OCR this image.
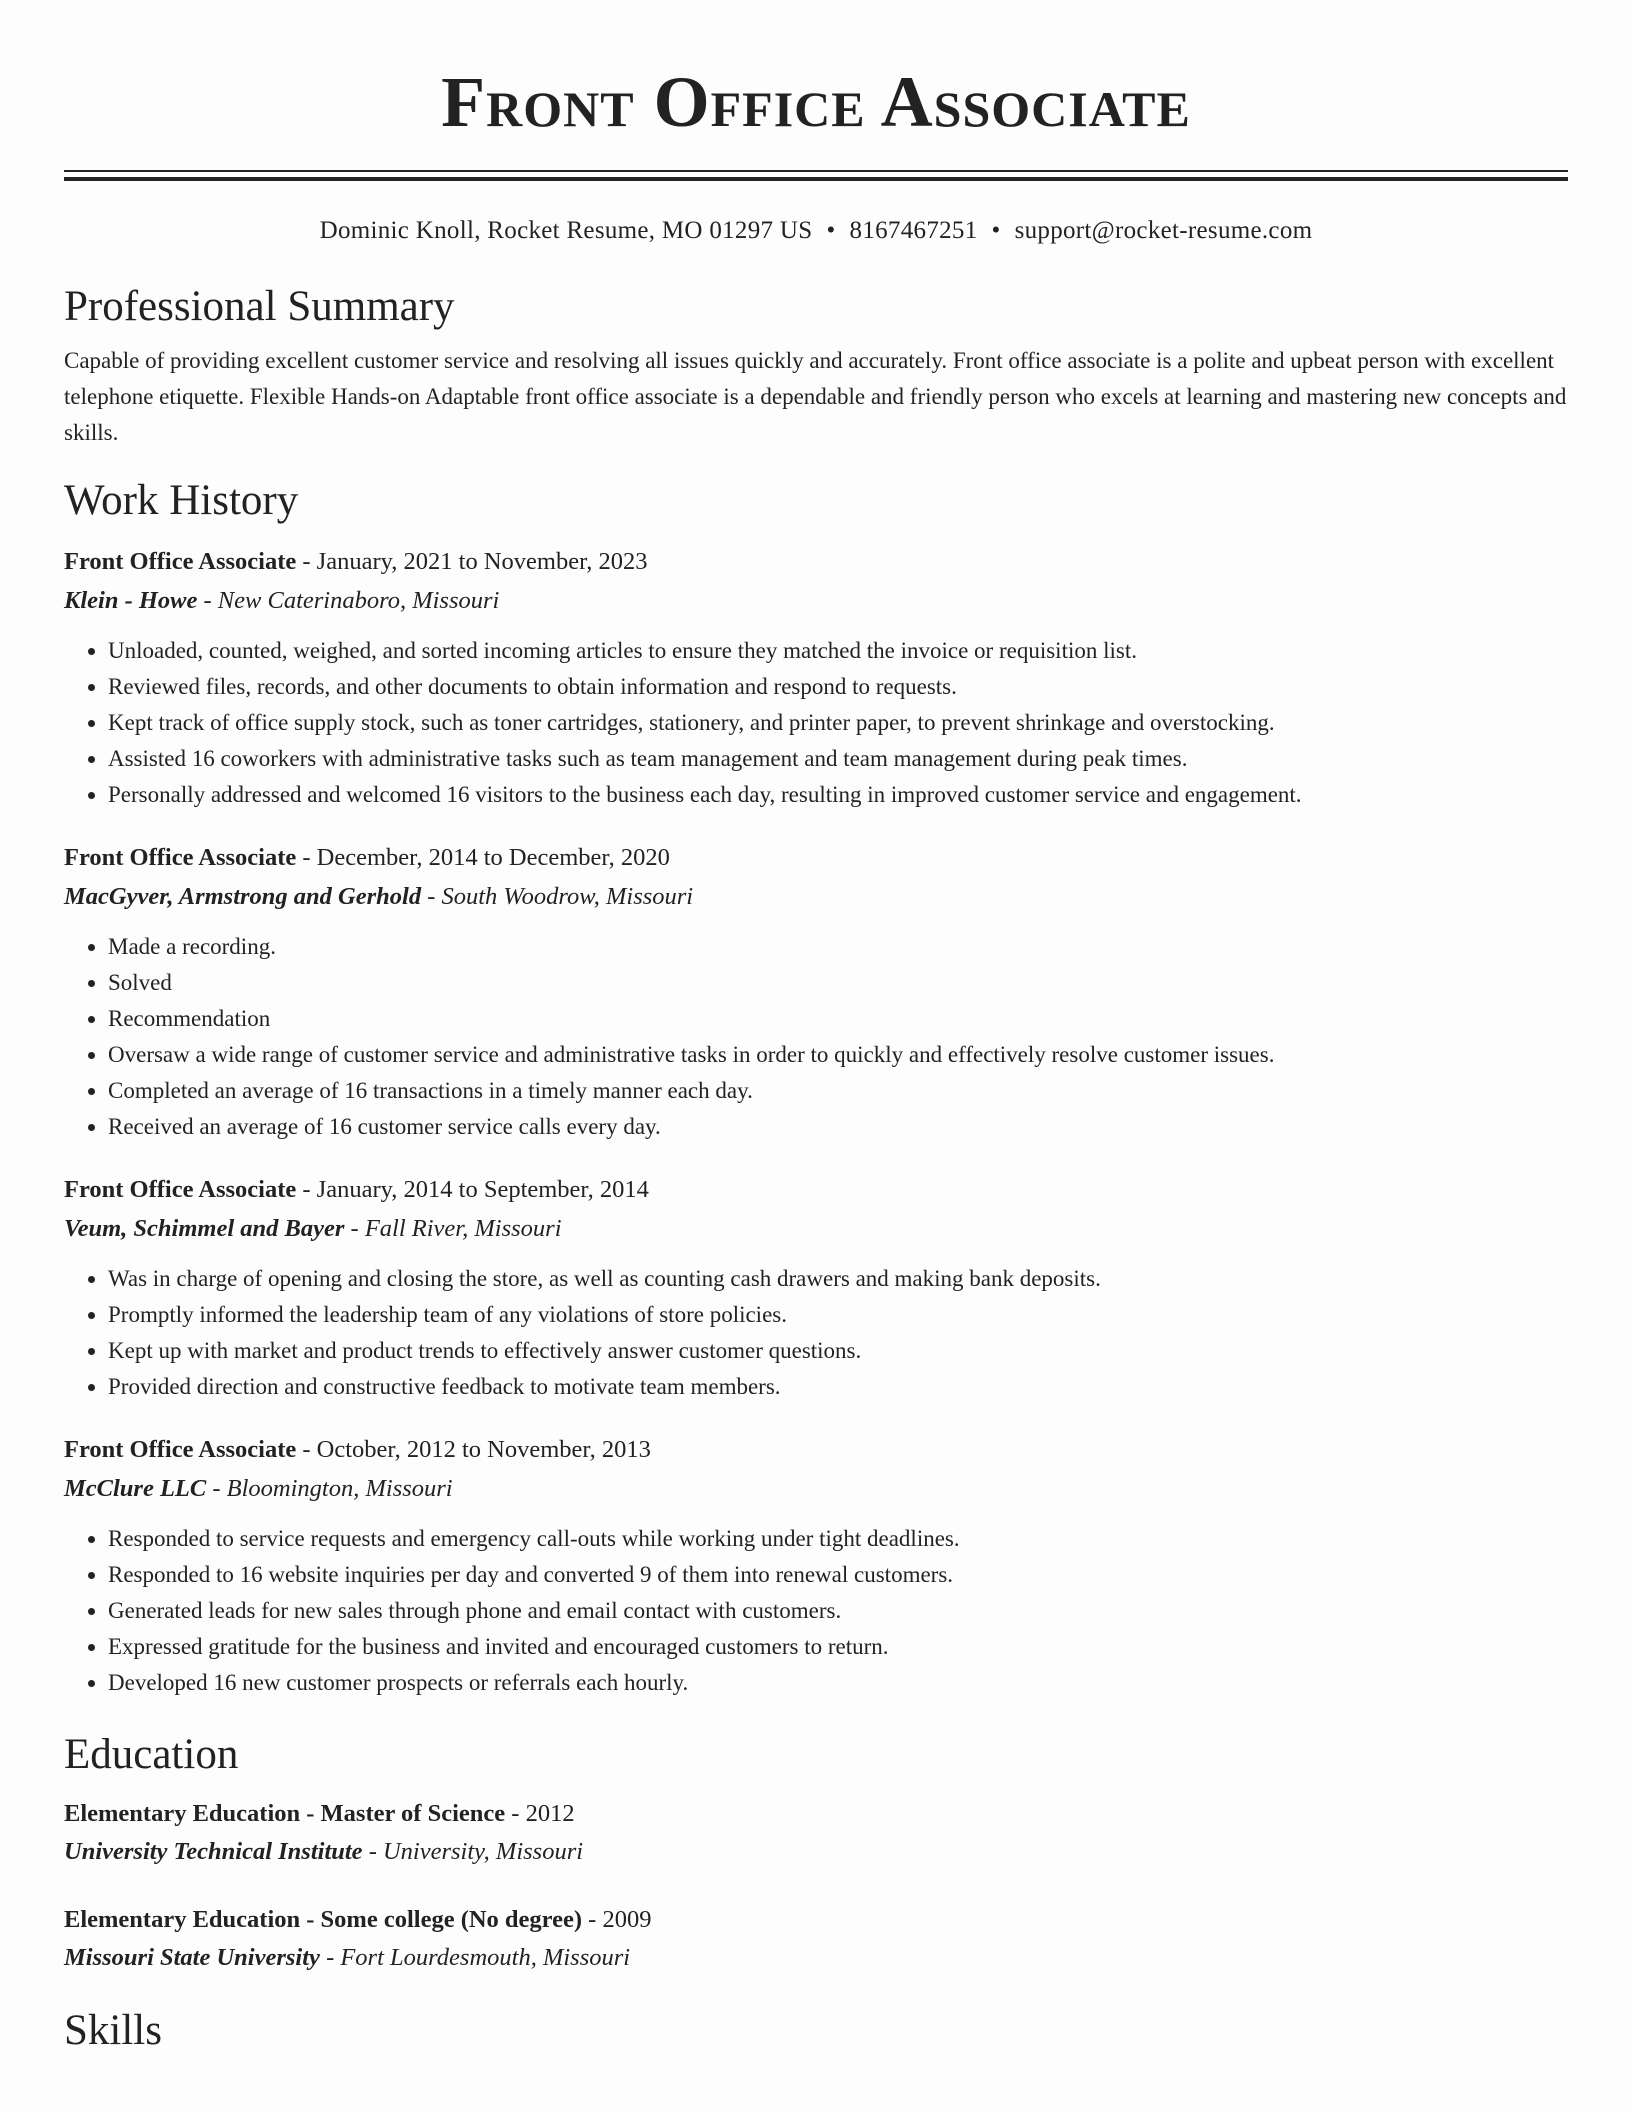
Front Office Associate
Dominic Knoll, Rocket Resume, MO 01297 US • 8167467251 • support@rocket-resume.com
Professional Summary

Capable of providing excellent customer service and resolving all issues quickly and accurately. Front office associate is a polite and upbeat person with excellent telephone etiquette. Flexible Hands-on Adaptable front office associate is a dependable and friendly person who excels at learning and mastering new concepts and skills.

Work History
Front Office Associate - January, 2021 to November, 2023
Klein - Howe - New Caterinaboro, Missouri
• Unloaded, counted, weighed, and sorted incoming articles to ensure they matched the invoice or requisition list.
• Reviewed files, records, and other documents to obtain information and respond to requests.
• Kept track of office supply stock, such as toner cartridges, stationery, and printer paper, to prevent shrinkage and overstocking.
• Assisted 16 coworkers with administrative tasks such as team management and team management during peak times.
• Personally addressed and welcomed 16 visitors to the business each day, resulting in improved customer service and engagement.
Front Office Associate - December, 2014 to December, 2020
MacGyver, Armstrong and Gerhold - South Woodrow, Missouri
• Made a recording.
• Solved
• Recommendation
• Oversaw a wide range of customer service and administrative tasks in order to quickly and effectively resolve customer issues.
• Completed an average of 16 transactions in a timely manner each day.
• Received an average of 16 customer service calls every day.
Front Office Associate - January, 2014 to September, 2014
Veum, Schimmel and Bayer - Fall River, Missouri
• Was in charge of opening and closing the store, as well as counting cash drawers and making bank deposits.
• Promptly informed the leadership team of any violations of store policies.
• Kept up with market and product trends to effectively answer customer questions.
• Provided direction and constructive feedback to motivate team members.
Front Office Associate - October, 2012 to November, 2013
McClure LLC - Bloomington, Missouri
• Responded to service requests and emergency call-outs while working under tight deadlines.
• Responded to 16 website inquiries per day and converted 9 of them into renewal customers.
• Generated leads for new sales through phone and email contact with customers.
• Expressed gratitude for the business and invited and encouraged customers to return.
• Developed 16 new customer prospects or referrals each hourly.
Education
Elementary Education - Master of Science - 2012
University Technical Institute - University, Missouri
Elementary Education - Some college (No degree) - 2009
Missouri State University - Fort Lourdesmouth, Missouri
Skills
